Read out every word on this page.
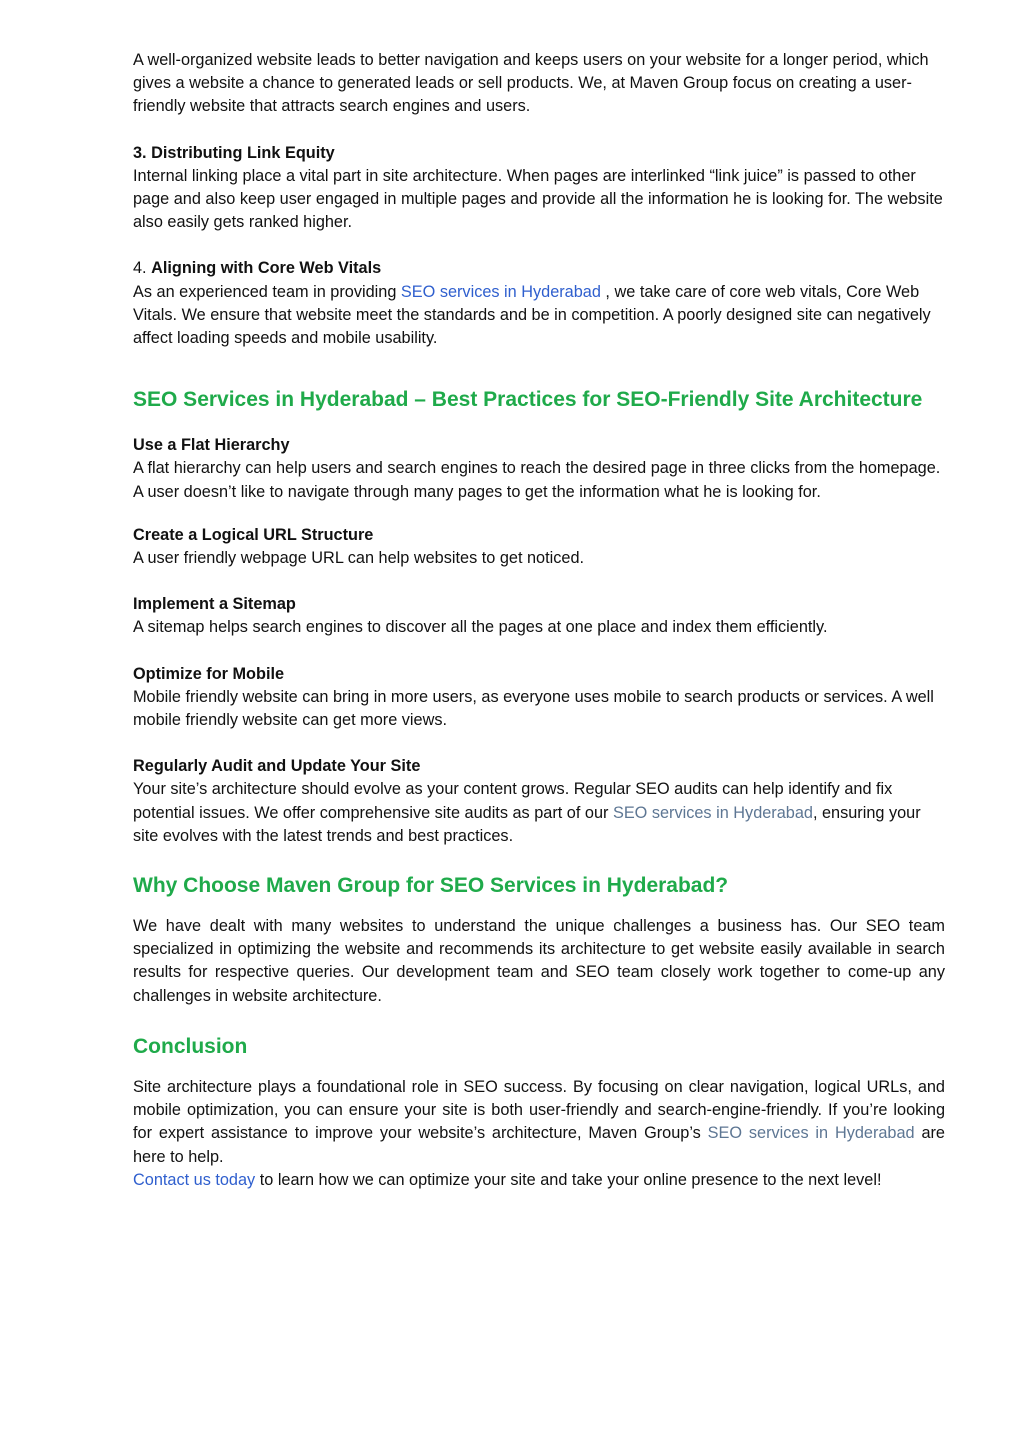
A well-organized website leads to better navigation and keeps users on your website for a longer period, which gives a website a chance to generated leads or sell products. We, at Maven Group focus on creating a user-friendly website that attracts search engines and users.

3. Distributing Link Equity

Internal linking place a vital part in site architecture. When pages are interlinked “link juice” is passed to other page and also keep user engaged in multiple pages and provide all the information he is looking for. The website also easily gets ranked higher.

4. Aligning with Core Web Vitals

As an experienced team in providing SEO services in Hyderabad , we take care of core web vitals, Core Web Vitals. We ensure that website meet the standards and be in competition. A poorly designed site can negatively affect loading speeds and mobile usability.

SEO Services in Hyderabad – Best Practices for SEO-Friendly Site Architecture
Use a Flat Hierarchy

A flat hierarchy can help users and search engines to reach the desired page in three clicks from the homepage. A user doesn’t like to navigate through many pages to get the information what he is looking for.

Create a Logical URL Structure

A user friendly webpage URL can help websites to get noticed.

Implement a Sitemap

A sitemap helps search engines to discover all the pages at one place and index them efficiently.

Optimize for Mobile

Mobile friendly website can bring in more users, as everyone uses mobile to search products or services. A well mobile friendly website can get more views.

Regularly Audit and Update Your Site

Your site’s architecture should evolve as your content grows. Regular SEO audits can help identify and fix potential issues. We offer comprehensive site audits as part of our SEO services in Hyderabad, ensuring your site evolves with the latest trends and best practices.

Why Choose Maven Group for SEO Services in Hyderabad?

We have dealt with many websites to understand the unique challenges a business has. Our SEO team specialized in optimizing the website and recommends its architecture to get website easily available in search results for respective queries. Our development team and SEO team closely work together to come-up any challenges in website architecture.

Conclusion

Site architecture plays a foundational role in SEO success. By focusing on clear navigation, logical URLs, and mobile optimization, you can ensure your site is both user-friendly and search-engine-friendly. If you’re looking for expert assistance to improve your website’s architecture, Maven Group’s SEO services in Hyderabad are here to help.

Contact us today to learn how we can optimize your site and take your online presence to the next level!
